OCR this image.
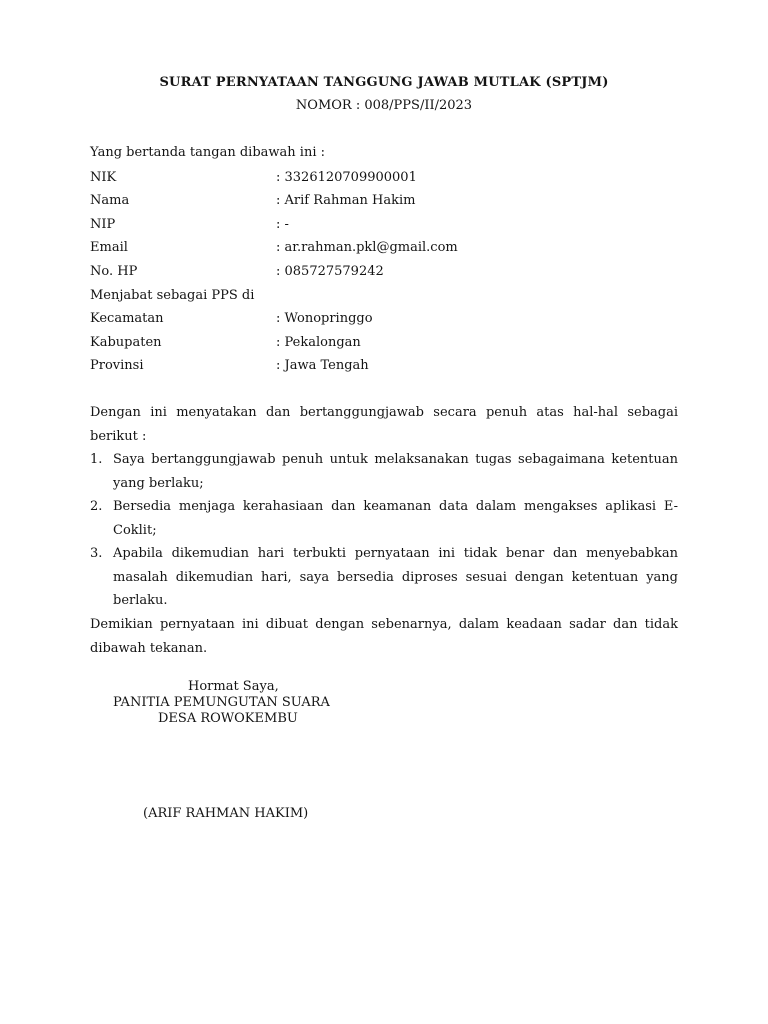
SURAT PERNYATAAN TANGGUNG JAWAB MUTLAK (SPTJM)
NOMOR : 008/PPS/II/2023
Yang bertanda tangan dibawah ini :
NIK	: 3326120709900001
Nama	: Arif Rahman Hakim
NIP	: -
Email	: ar.rahman.pkl@gmail.com
No. HP	: 085727579242
Menjabat sebagai PPS di
Kecamatan	: Wonopringgo
Kabupaten	: Pekalongan
Provinsi	: Jawa Tengah
Dengan ini menyatakan dan bertanggungjawab secara penuh atas hal-hal sebagai berikut :
1. Saya bertanggungjawab penuh untuk melaksanakan tugas sebagaimana ketentuan yang berlaku;
2. Bersedia menjaga kerahasiaan dan keamanan data dalam mengakses aplikasi E-Coklit;
3. Apabila dikemudian hari terbukti pernyataan ini tidak benar dan menyebabkan masalah dikemudian hari, saya bersedia diproses sesuai dengan ketentuan yang berlaku.
Demikian pernyataan ini dibuat dengan sebenarnya, dalam keadaan sadar dan tidak dibawah tekanan.
Hormat Saya,
PANITIA PEMUNGUTAN SUARA
DESA ROWOKEMBU
(ARIF RAHMAN HAKIM)
